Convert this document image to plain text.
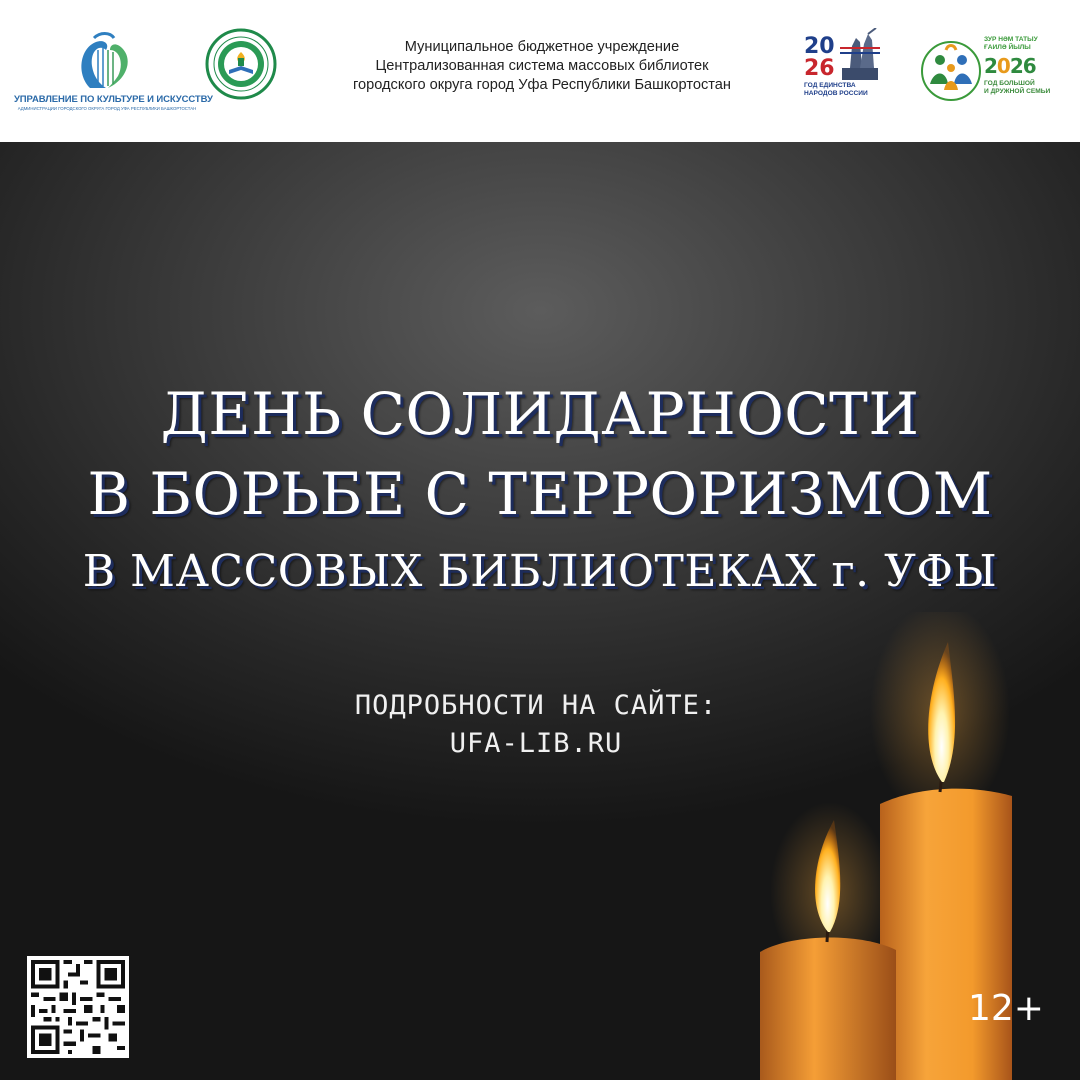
УПРАВЛЕНИЕ ПО КУЛЬТУРЕ И ИСКУССТВУ
АДМИНИСТРАЦИИ ГОРОДСКОГО ОКРУГА ГОРОД УФА РЕСПУБЛИКИ БАШКОРТОСТАН
Муниципальное бюджетное учреждение
Централизованная система массовых библиотек
городского округа город Уфа Республики Башкортостан
20
26
ГОД ЕДИНСТВА
НАРОДОВ РОССИИ
ЗУР НӘМ ТАТЫУ
ҒАИЛӘ ЙЫЛЫ
2026
ГОД БОЛЬШОЙ
И ДРУЖНОЙ СЕМЬИ
ДЕНЬ СОЛИДАРНОСТИ
В БОРЬБЕ С ТЕРРОРИЗМОМ
В МАССОВЫХ БИБЛИОТЕКАХ г. УФЫ
ПОДРОБНОСТИ НА САЙТЕ:
UFA-LIB.RU
12+
